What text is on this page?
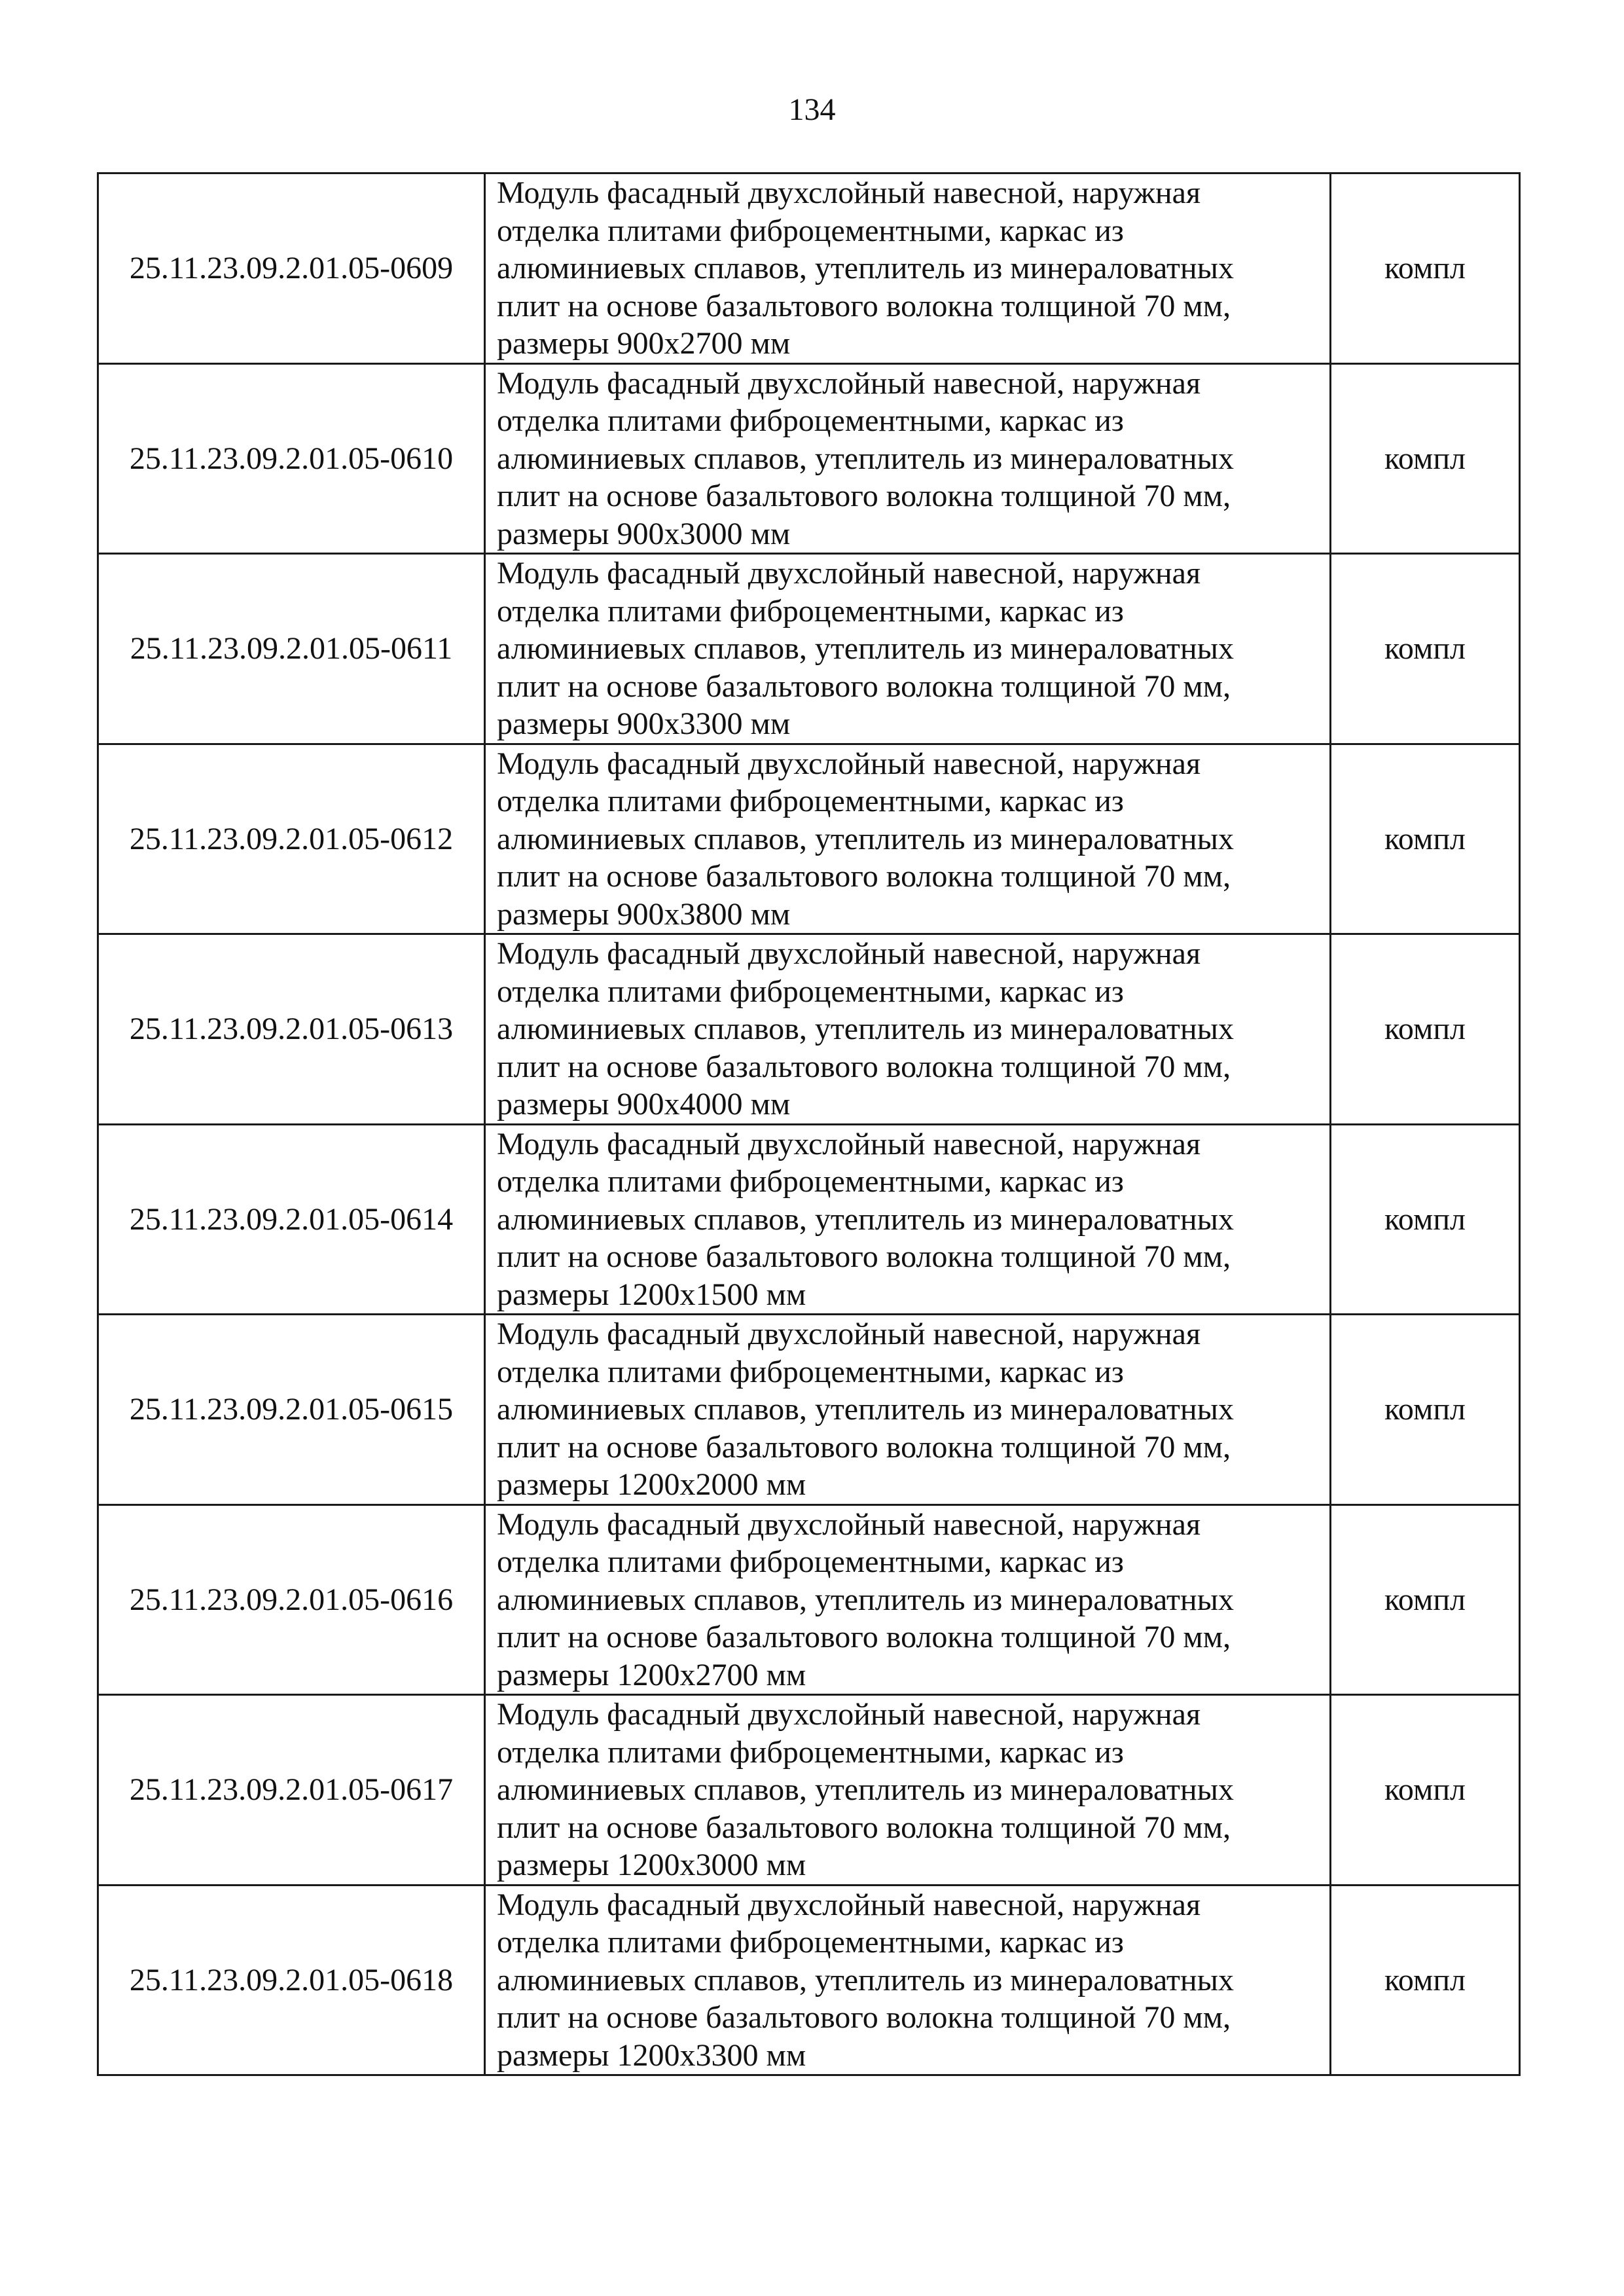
134
25.11.23.09.2.01.05-0609	Модуль фасадный двухслойный навесной, наружная
отделка плитами фиброцементными, каркас из
алюминиевых сплавов, утеплитель из минераловатных
плит на основе базальтового волокна толщиной 70 мм,
размеры 900x2700 мм	компл
25.11.23.09.2.01.05-0610	Модуль фасадный двухслойный навесной, наружная
отделка плитами фиброцементными, каркас из
алюминиевых сплавов, утеплитель из минераловатных
плит на основе базальтового волокна толщиной 70 мм,
размеры 900x3000 мм	компл
25.11.23.09.2.01.05-0611	Модуль фасадный двухслойный навесной, наружная
отделка плитами фиброцементными, каркас из
алюминиевых сплавов, утеплитель из минераловатных
плит на основе базальтового волокна толщиной 70 мм,
размеры 900x3300 мм	компл
25.11.23.09.2.01.05-0612	Модуль фасадный двухслойный навесной, наружная
отделка плитами фиброцементными, каркас из
алюминиевых сплавов, утеплитель из минераловатных
плит на основе базальтового волокна толщиной 70 мм,
размеры 900x3800 мм	компл
25.11.23.09.2.01.05-0613	Модуль фасадный двухслойный навесной, наружная
отделка плитами фиброцементными, каркас из
алюминиевых сплавов, утеплитель из минераловатных
плит на основе базальтового волокна толщиной 70 мм,
размеры 900x4000 мм	компл
25.11.23.09.2.01.05-0614	Модуль фасадный двухслойный навесной, наружная
отделка плитами фиброцементными, каркас из
алюминиевых сплавов, утеплитель из минераловатных
плит на основе базальтового волокна толщиной 70 мм,
размеры 1200x1500 мм	компл
25.11.23.09.2.01.05-0615	Модуль фасадный двухслойный навесной, наружная
отделка плитами фиброцементными, каркас из
алюминиевых сплавов, утеплитель из минераловатных
плит на основе базальтового волокна толщиной 70 мм,
размеры 1200x2000 мм	компл
25.11.23.09.2.01.05-0616	Модуль фасадный двухслойный навесной, наружная
отделка плитами фиброцементными, каркас из
алюминиевых сплавов, утеплитель из минераловатных
плит на основе базальтового волокна толщиной 70 мм,
размеры 1200x2700 мм	компл
25.11.23.09.2.01.05-0617	Модуль фасадный двухслойный навесной, наружная
отделка плитами фиброцементными, каркас из
алюминиевых сплавов, утеплитель из минераловатных
плит на основе базальтового волокна толщиной 70 мм,
размеры 1200x3000 мм	компл
25.11.23.09.2.01.05-0618	Модуль фасадный двухслойный навесной, наружная
отделка плитами фиброцементными, каркас из
алюминиевых сплавов, утеплитель из минераловатных
плит на основе базальтового волокна толщиной 70 мм,
размеры 1200x3300 мм	компл
